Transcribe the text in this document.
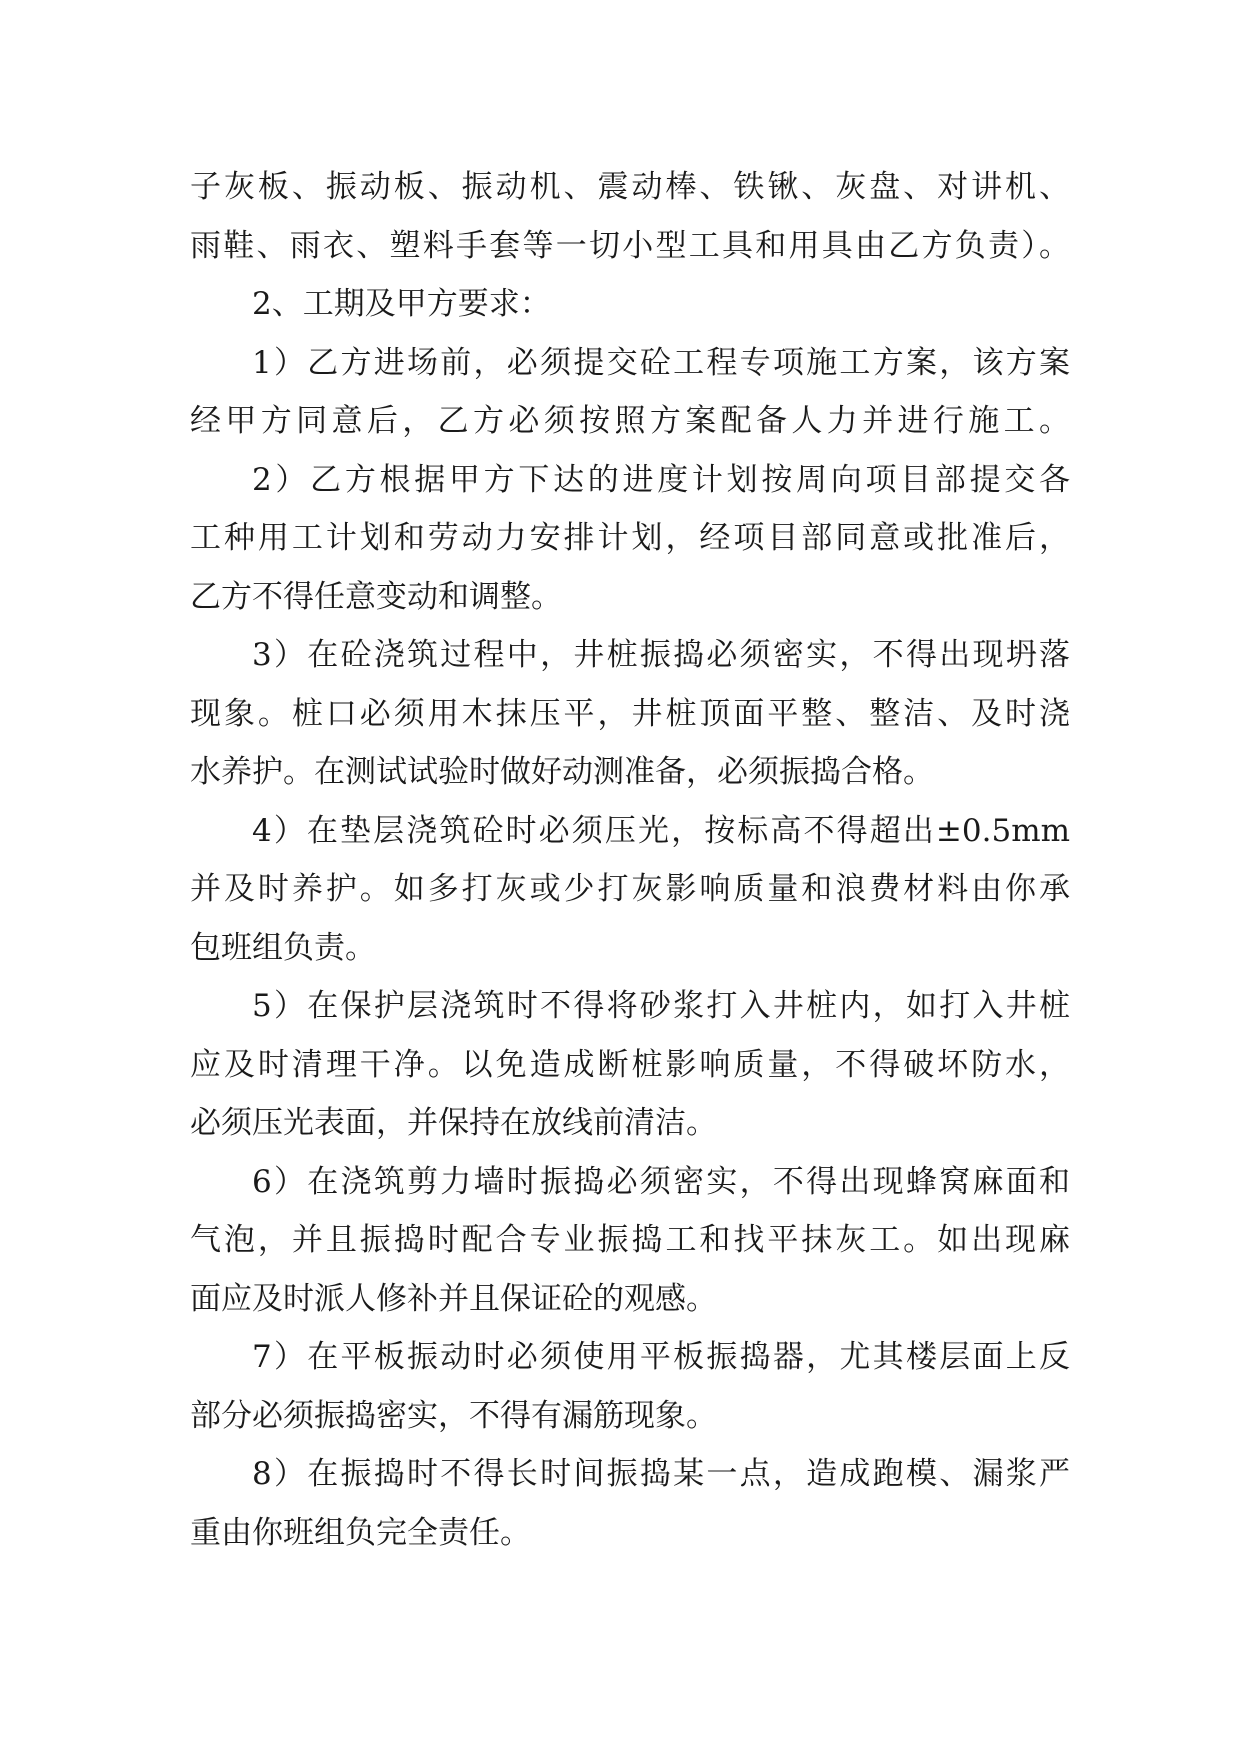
子灰板、振动板、振动机、震动棒、铁锹、灰盘、对讲机、
雨鞋、雨衣、塑料手套等一切小型工具和用具由乙方负责）。
2、工期及甲方要求：
1）乙方进场前，必须提交砼工程专项施工方案，该方案
经甲方同意后，乙方必须按照方案配备人力并进行施工。
2）乙方根据甲方下达的进度计划按周向项目部提交各
工种用工计划和劳动力安排计划，经项目部同意或批准后，
乙方不得任意变动和调整。
3）在砼浇筑过程中，井桩振捣必须密实，不得出现坍落
现象。桩口必须用木抹压平，井桩顶面平整、整洁、及时浇
水养护。在测试试验时做好动测准备，必须振捣合格。
4）在垫层浇筑砼时必须压光，按标高不得超出±0.5mm
并及时养护。如多打灰或少打灰影响质量和浪费材料由你承
包班组负责。
5）在保护层浇筑时不得将砂浆打入井桩内，如打入井桩
应及时清理干净。以免造成断桩影响质量，不得破坏防水，
必须压光表面，并保持在放线前清洁。
6）在浇筑剪力墙时振捣必须密实，不得出现蜂窝麻面和
气泡，并且振捣时配合专业振捣工和找平抹灰工。如出现麻
面应及时派人修补并且保证砼的观感。
7）在平板振动时必须使用平板振捣器，尤其楼层面上反
部分必须振捣密实，不得有漏筋现象。
8）在振捣时不得长时间振捣某一点，造成跑模、漏浆严
重由你班组负完全责任。
